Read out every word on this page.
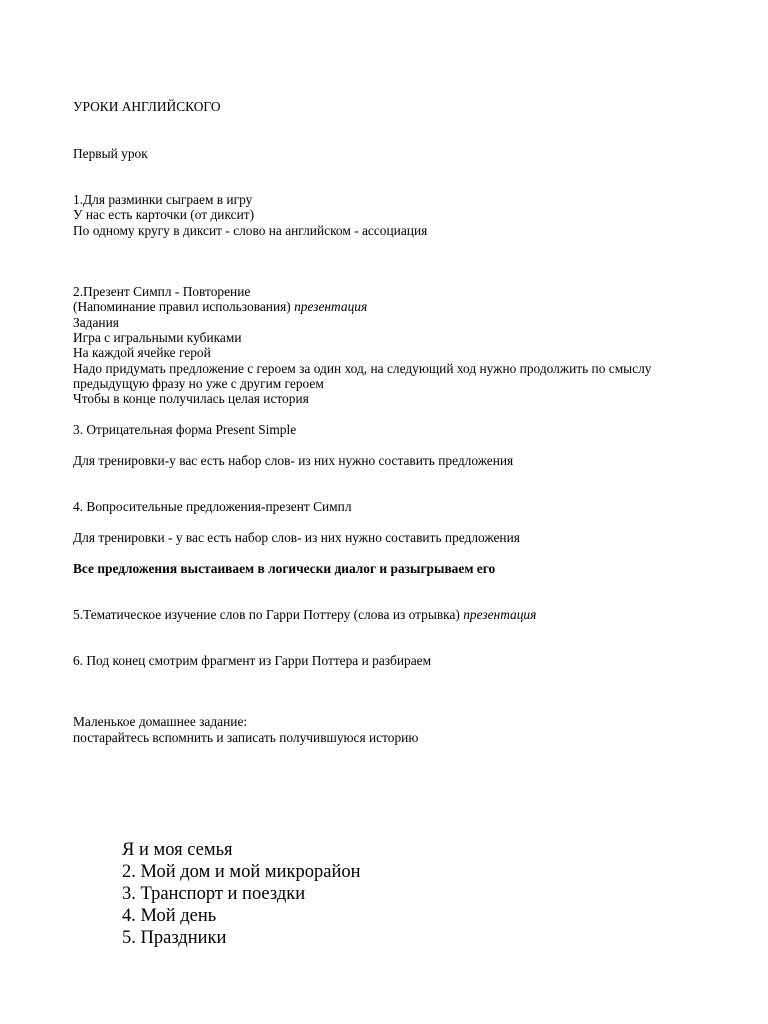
УРОКИ АНГЛИЙСКОГО
Первый урок
1.Для разминки сыграем в игру
У нас есть карточки (от диксит)
По одному кругу в диксит - слово на английском - ассоциация
2.Презент Симпл - Повторение
(Напоминание правил использования) презентация
Задания
Игра с игральными кубиками
На каждой ячейке герой
Надо придумать предложение с героем за один ход, на следующий ход нужно продолжить по смыслу
предыдущую фразу но уже с другим героем
Чтобы в конце получилась целая история
3. Отрицательная форма Present Simple
Для тренировки-у вас есть набор слов- из них нужно составить предложения
4. Вопросительные предложения-презент Симпл
Для тренировки - у вас есть набор слов- из них нужно составить предложения
Все предложения выстаиваем в логически диалог и разыгрываем его
5.Тематическое изучение слов по Гарри Поттеру (слова из отрывка) презентация
6. Под конец смотрим фрагмент из Гарри Поттера и разбираем
Маленькое домашнее задание:
постарайтесь вспомнить и записать получившуюся историю
Я и моя семья
2. Мой дом и мой микрорайон
3. Транспорт и поездки
4. Мой день
5. Праздники
